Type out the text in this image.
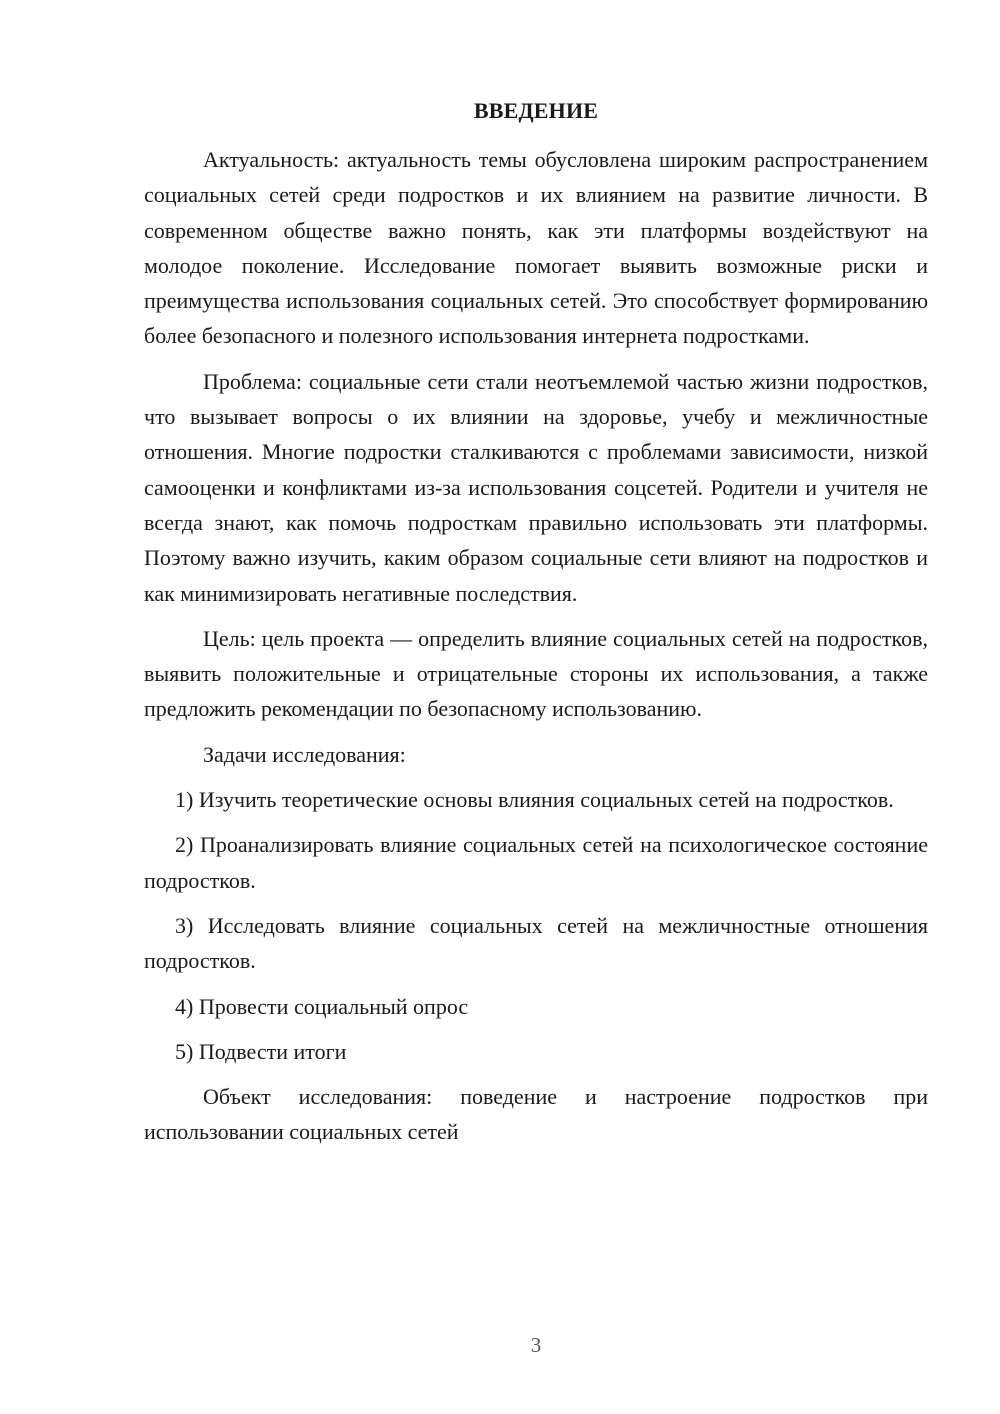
ВВЕДЕНИЕ

Актуальность: актуальность темы обусловлена широким распространением социальных сетей среди подростков и их влиянием на развитие личности. В современном обществе важно понять, как эти платформы воздействуют на молодое поколение. Исследование помогает выявить возможные риски и преимущества использования социальных сетей. Это способствует формированию более безопасного и полезного использования интернета подростками.

Проблема: социальные сети стали неотъемлемой частью жизни подростков, что вызывает вопросы о их влиянии на здоровье, учебу и межличностные отношения. Многие подростки сталкиваются с проблемами зависимости, низкой самооценки и конфликтами из-за использования соцсетей. Родители и учителя не всегда знают, как помочь подросткам правильно использовать эти платформы. Поэтому важно изучить, каким образом социальные сети влияют на подростков и как минимизировать негативные последствия.

Цель: цель проекта — определить влияние социальных сетей на подростков, выявить положительные и отрицательные стороны их использования, а также предложить рекомендации по безопасному использованию.

Задачи исследования:

1) Изучить теоретические основы влияния социальных сетей на подростков.

2) Проанализировать влияние социальных сетей на психологическое состояние подростков.

3) Исследовать влияние социальных сетей на межличностные отношения подростков.

4) Провести социальный опрос

5) Подвести итоги

Объект исследования: поведение и настроение подростков при использовании социальных сетей

3
